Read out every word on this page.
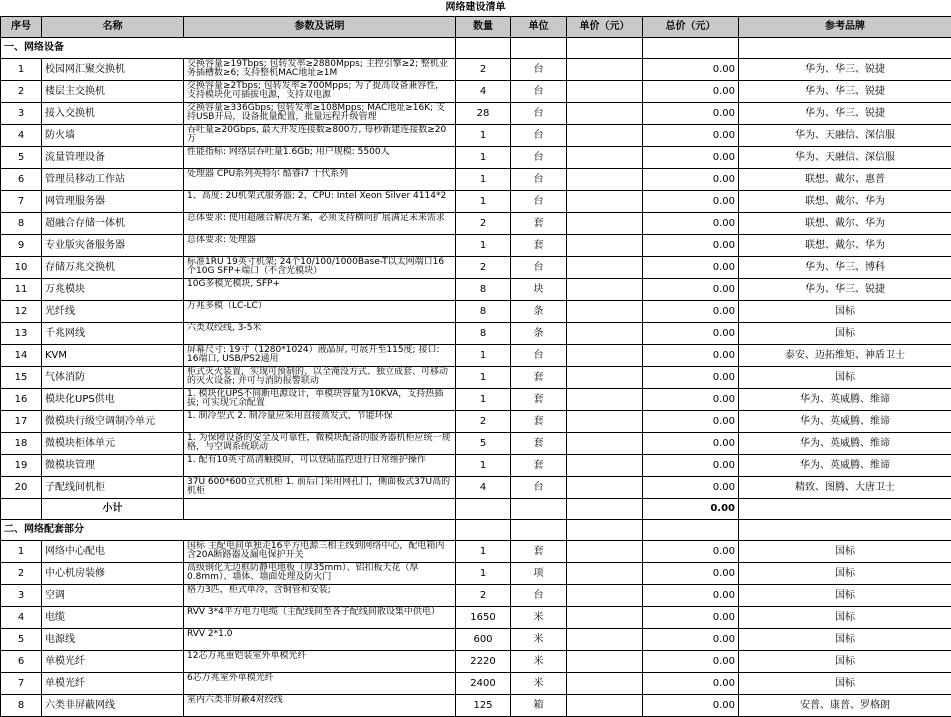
网络建设清单
序号	名称	参数及说明	数量	单位	单价（元）	总价（元）	参考品牌
一、网络设备							
1	校园网汇聚交换机	交换容量≥19Tbps; 包转发率≥2880Mpps; 主控引擎≥2; 整机业务插槽数≥6; 支持整机MAC地址≥1M	2	台		0.00	华为、华三、锐捷
2	楼层主交换机	交换容量≥2Tbps; 包转发率≥700Mpps; 为了提高设备兼容性，支持模块化可插拔电源，支持双电源	4	台		0.00	华为、华三、锐捷
3	接入交换机	交换容量≥336Gbps; 包转发率≥108Mpps; MAC地址≥16K; 支持USB开局，设备批量配置，批量远程升级管理	28	台		0.00	华为、华三、锐捷
4	防火墙	吞吐量≥20Gbps, 最大并发连接数≥800万, 每秒新建连接数≥20万	1	台		0.00	华为、天融信、深信服
5	流量管理设备	性能指标: 网络层吞吐量1.6Gb; 用户规模: 5500人	1	台		0.00	华为、天融信、深信服
6	管理员移动工作站	处理器 CPU系列英特尔 酷睿i7 十代系列	1	台		0.00	联想、戴尔、惠普
7	网管理服务器	1、高度: 2U机架式服务器; 2、CPU: Intel Xeon Silver 4114*2	1	台		0.00	联想、戴尔、华为
8	超融合存储一体机	总体要求: 使用超融合解决方案，必须支持横向扩展满足未来需求	2	套		0.00	联想、戴尔、华为
9	专业版灾备服务器	总体要求: 处理器	1	套		0.00	联想、戴尔、华为
10	存储万兆交换机	标准1RU 19英寸机架; 24个10/100/1000Base-T以太网端口16个10G SFP+端口（不含光模块）	2	台		0.00	华为、华三、博科
11	万兆模块	10G多模光模块, SFP+	8	块		0.00	华为、华三、锐捷
12	光纤线	万兆多模（LC-LC）	8	条		0.00	国标
13	千兆网线	六类双绞线, 3-5米	8	条		0.00	国标
14	KVM	屏幕尺寸: 19寸（1280*1024）液晶屏, 可展开至115度; 接口: 16端口, USB/PS2通用	1	台		0.00	泰安、迈拓维矩、神盾卫士
15	气体消防	柜式灭火装置，实现可预制的、以全淹没方式、独立成套、可移动的灭火设备; 并可与消防报警联动	1	套		0.00	国标
16	模块化UPS供电	1. 模块化UPS不间断电源设计，单模块容量为10KVA，支持热插拔; 可实现冗余配置	1	套		0.00	华为、英威腾、维谛
17	微模块行级空调制冷单元	1. 制冷型式 2. 制冷量应采用直接蒸发式，节能环保	2	套		0.00	华为、英威腾、维谛
18	微模块柜体单元	1. 为保障设备的安全及可靠性，微模块配备的服务器机柜应统一规格，与空调系统联动	5	套		0.00	华为、英威腾、维谛
19	微模块管理	1. 配有10英寸高清触摸屏，可以登陆监控进行日常维护操作	1	套		0.00	华为、英威腾、维谛
20	子配线间机柜	37U 600*600立式机柜 1. 前后门采用网孔门，侧面板式37U高的机柜	4	台		0.00	精致、图腾、大唐卫士
	小计					0.00	
二、网络配套部分							
1	网络中心配电	国标 主配电间单独走16平方电源三相主线到网络中心，配电箱内含20A断路器及漏电保护开关	1	套		0.00	国标
2	中心机房装修	高级钢化无边框防静电地板（厚35mm）、铝扣板天花（厚0.8mm）、墙体、墙面处理及防火门	1	项		0.00	国标
3	空调	格力3匹，柜式单冷，含铜管和安装;	2	台		0.00	国标
4	电缆	RVV 3*4平方电力电缆（主配线间至各子配线间散设集中供电）	1650	米		0.00	国标
5	电源线	RVV 2*1.0	600	米		0.00	国标
6	单模光纤	12芯万兆重铠装室外单模光纤	2220	米		0.00	国标
7	单模光纤	6芯万兆室外单模光纤	2400	米		0.00	国标
8	六类非屏蔽网线	室内六类非屏蔽4对绞线	125	箱		0.00	安普、康普、罗格朗
